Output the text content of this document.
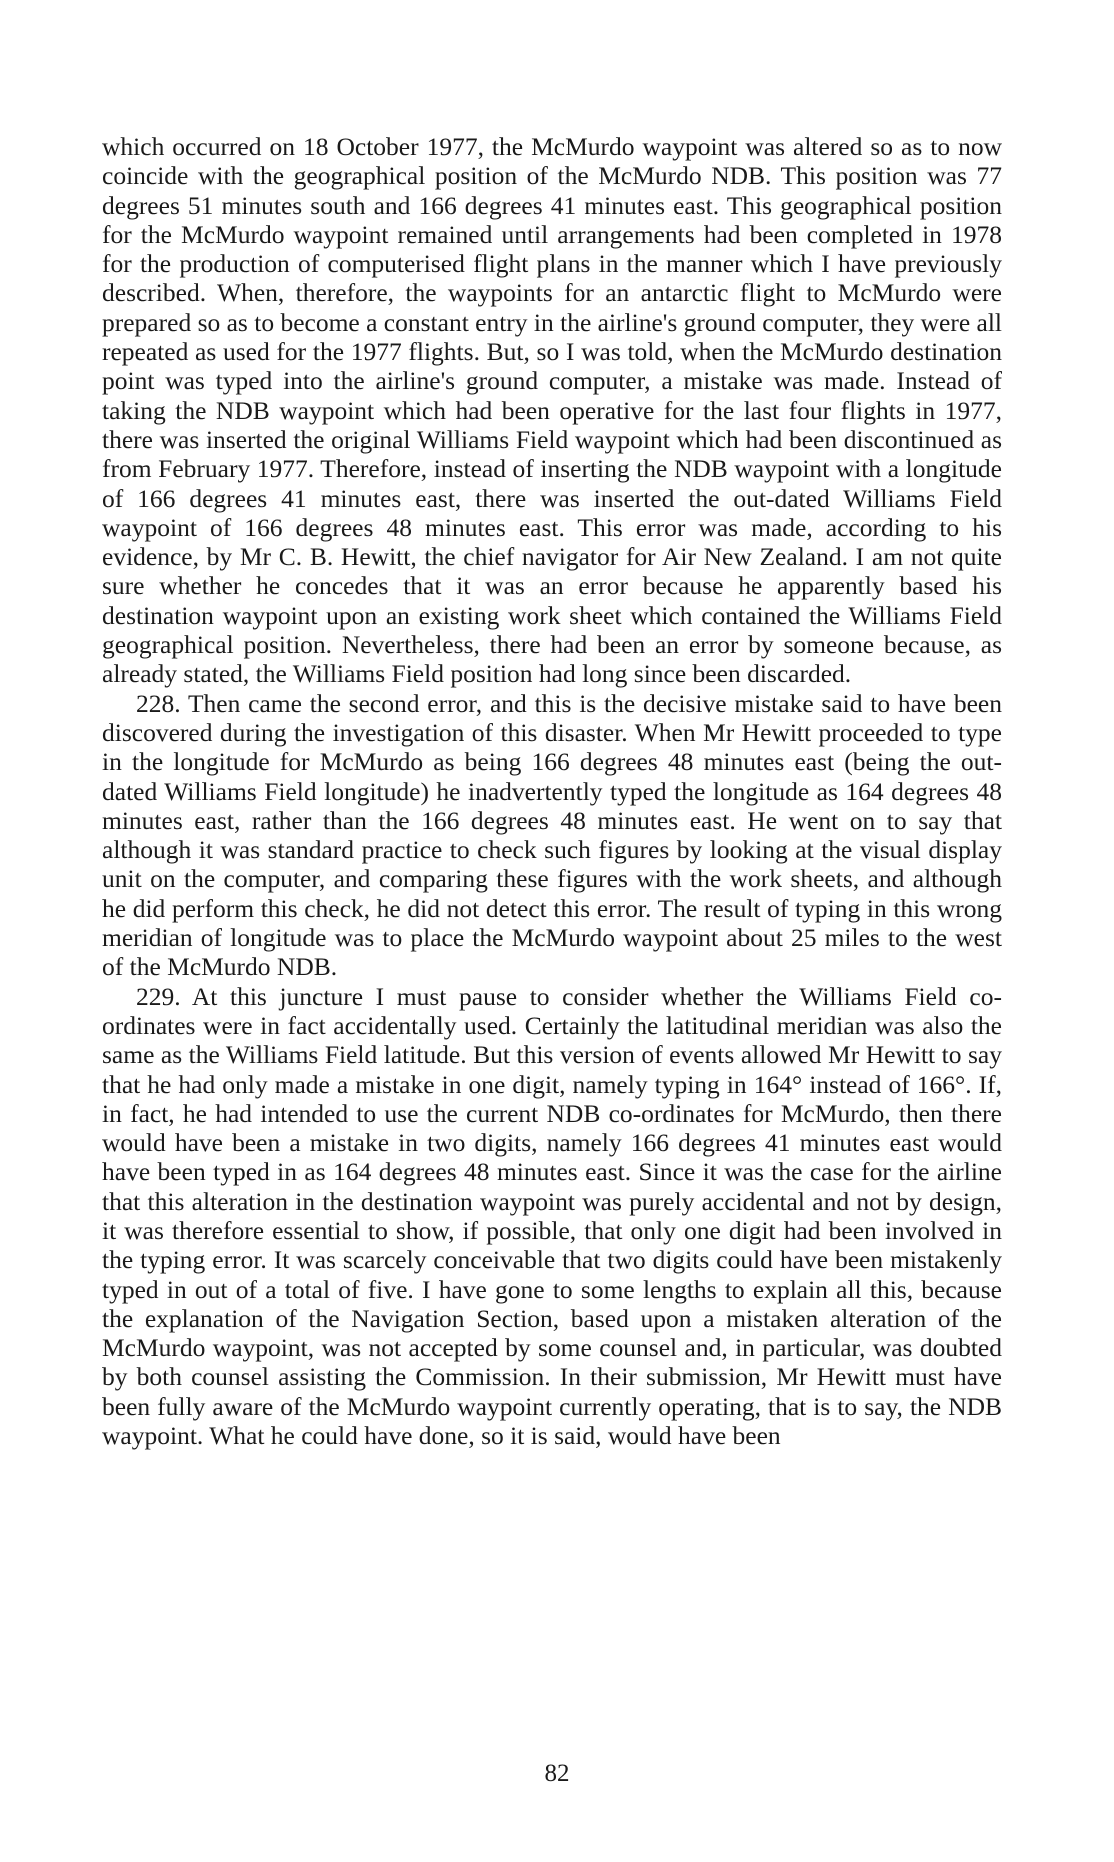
which occurred on 18 October 1977, the McMurdo waypoint was altered so as to now coincide with the geographical position of the McMurdo NDB. This position was 77 degrees 51 minutes south and 166 degrees 41 minutes east. This geographical position for the McMurdo waypoint remained until arrangements had been completed in 1978 for the production of computerised flight plans in the manner which I have previously described. When, therefore, the waypoints for an antarctic flight to McMurdo were prepared so as to become a constant entry in the airline's ground computer, they were all repeated as used for the 1977 flights. But, so I was told, when the McMurdo destination point was typed into the airline's ground computer, a mistake was made. Instead of taking the NDB waypoint which had been operative for the last four flights in 1977, there was inserted the original Williams Field waypoint which had been discontinued as from February 1977. Therefore, instead of inserting the NDB waypoint with a longitude of 166 degrees 41 minutes east, there was inserted the out-dated Williams Field waypoint of 166 degrees 48 minutes east. This error was made, according to his evidence, by Mr C. B. Hewitt, the chief navigator for Air New Zealand. I am not quite sure whether he concedes that it was an error because he apparently based his destination waypoint upon an existing work sheet which contained the Williams Field geographical position. Nevertheless, there had been an error by someone because, as already stated, the Williams Field position had long since been discarded.

228. Then came the second error, and this is the decisive mistake said to have been discovered during the investigation of this disaster. When Mr Hewitt proceeded to type in the longitude for McMurdo as being 166 degrees 48 minutes east (being the out-dated Williams Field longitude) he inadvertently typed the longitude as 164 degrees 48 minutes east, rather than the 166 degrees 48 minutes east. He went on to say that although it was standard practice to check such figures by looking at the visual display unit on the computer, and comparing these figures with the work sheets, and although he did perform this check, he did not detect this error. The result of typing in this wrong meridian of longitude was to place the McMurdo waypoint about 25 miles to the west of the McMurdo NDB.

229. At this juncture I must pause to consider whether the Williams Field co-ordinates were in fact accidentally used. Certainly the latitudinal meridian was also the same as the Williams Field latitude. But this version of events allowed Mr Hewitt to say that he had only made a mistake in one digit, namely typing in 164° instead of 166°. If, in fact, he had intended to use the current NDB co-ordinates for McMurdo, then there would have been a mistake in two digits, namely 166 degrees 41 minutes east would have been typed in as 164 degrees 48 minutes east. Since it was the case for the airline that this alteration in the destination waypoint was purely accidental and not by design, it was therefore essential to show, if possible, that only one digit had been involved in the typing error. It was scarcely conceivable that two digits could have been mistakenly typed in out of a total of five. I have gone to some lengths to explain all this, because the explanation of the Navigation Section, based upon a mistaken alteration of the McMurdo waypoint, was not accepted by some counsel and, in particular, was doubted by both counsel assisting the Commission. In their submission, Mr Hewitt must have been fully aware of the McMurdo waypoint currently operating, that is to say, the NDB waypoint. What he could have done, so it is said, would have been

82
